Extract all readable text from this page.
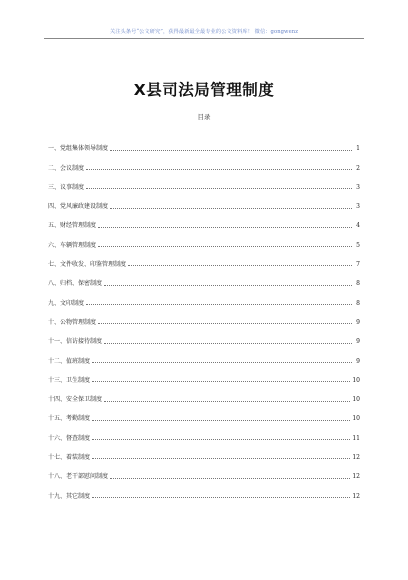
关注头条号“公文研究”，获得最新最全最专业的公文资料库！ 微信：gongwenz
X县司法局管理制度
目录
一、党组集体领导制度	1
二、会议制度	2
三、议事制度	3
四、党风廉政建设制度	3
五、财经管理制度	4
六、车辆管理制度	5
七、文件收发、印鉴管理制度	7
八、归档、保密制度	8
九、文印制度	8
十、公物管理制度	9
十一、信访接待制度	9
十二、值班制度	9
十三、卫生制度	10
十四、安全保卫制度	10
十五、考勤制度	10
十六、督查制度	11
十七、着装制度	12
十八、老干部慰问制度	12
十九、其它制度	12
